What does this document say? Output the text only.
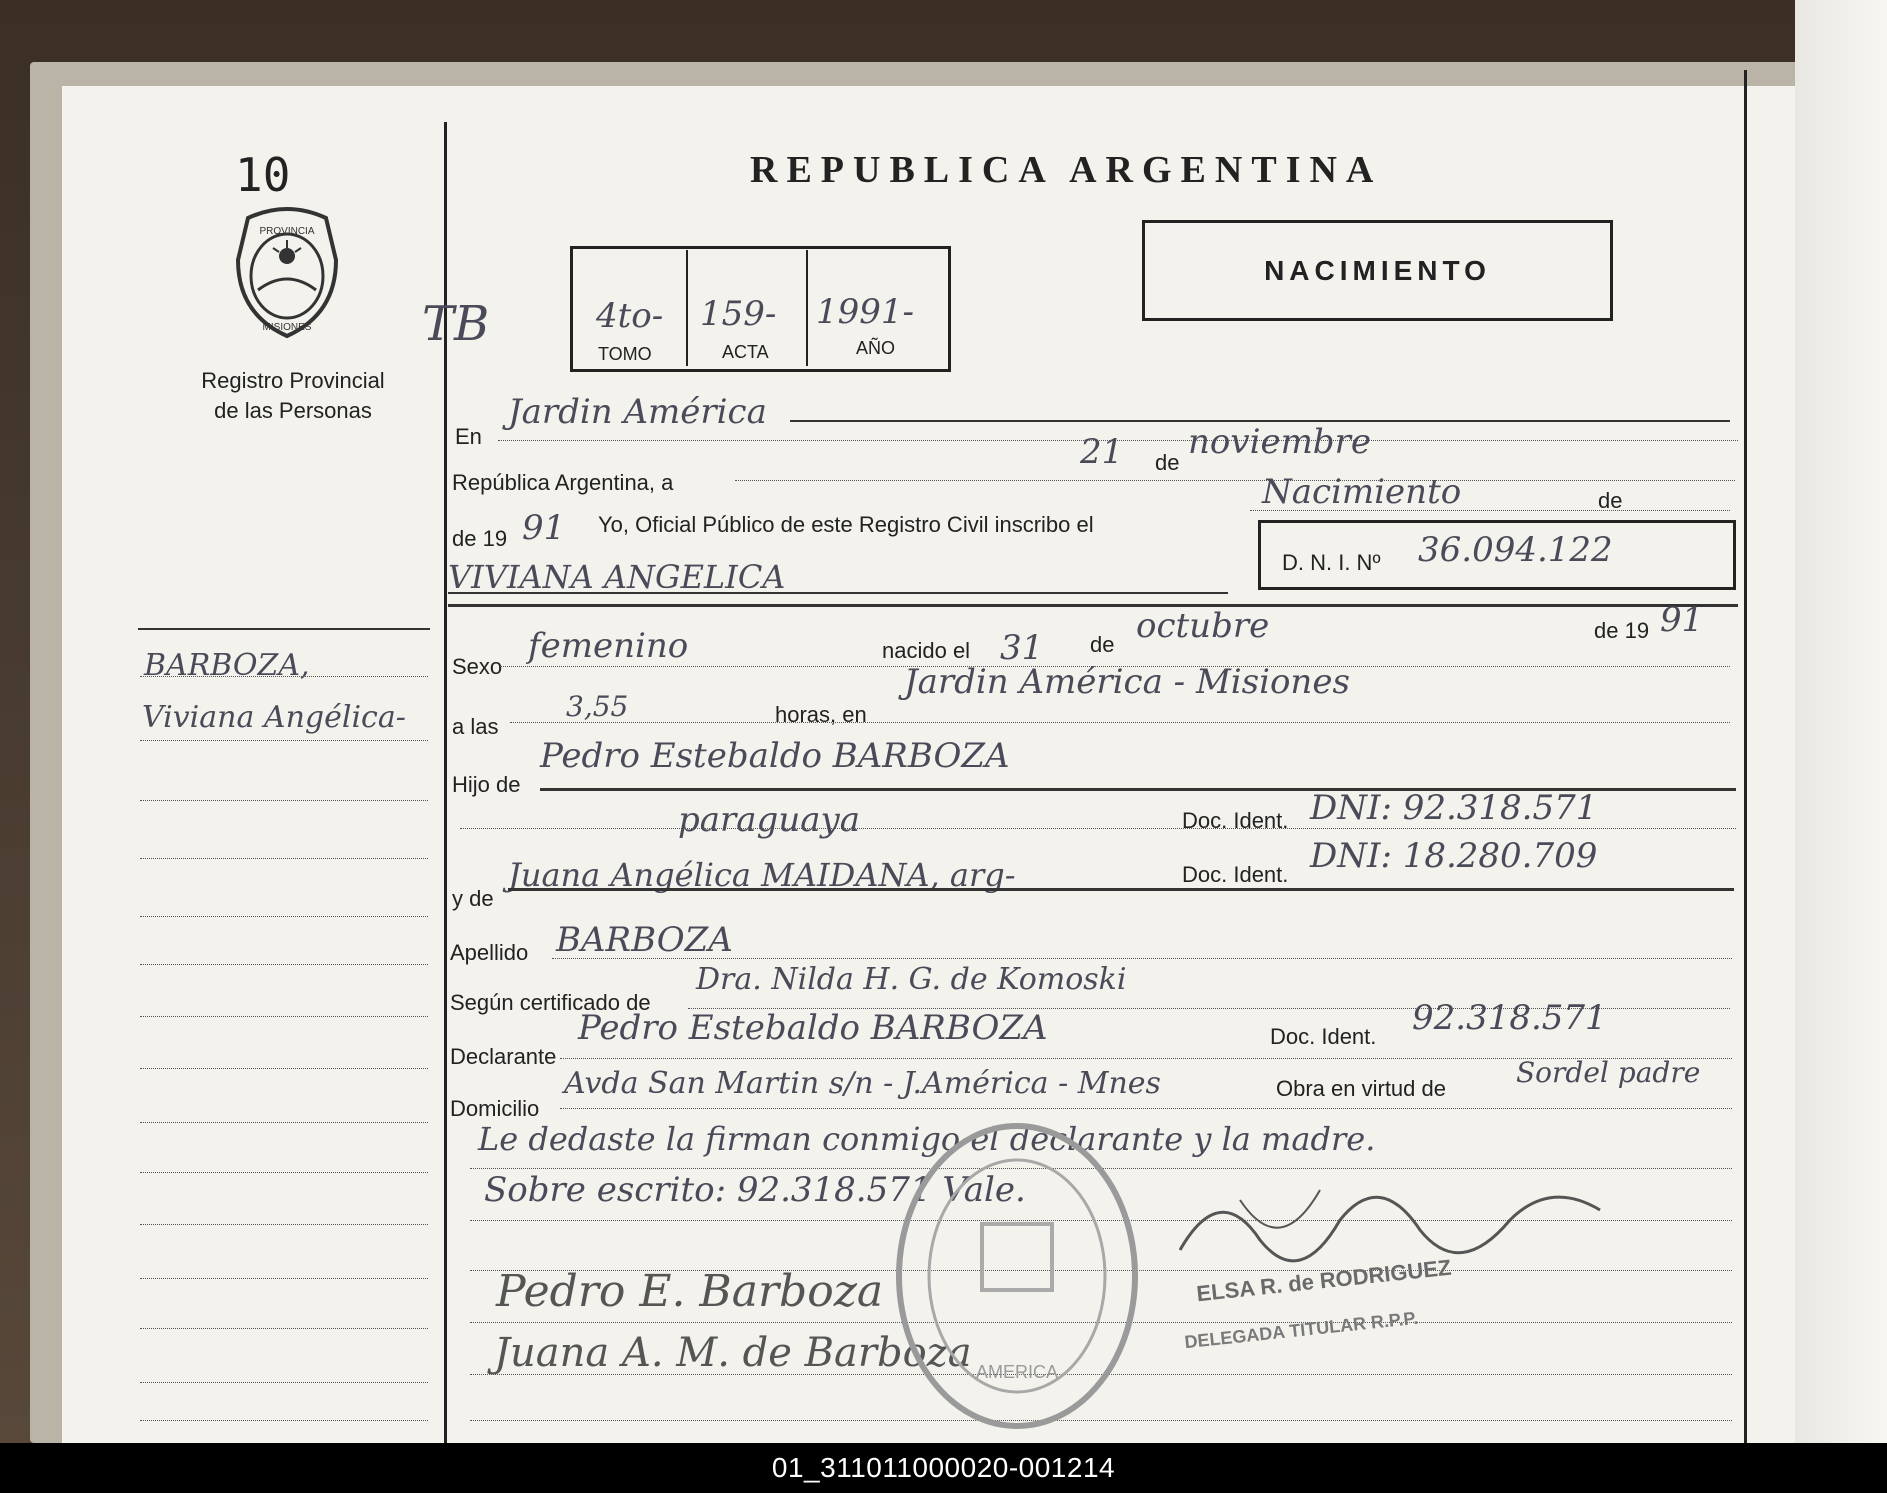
10
PROVINCIA
MISIONES
Registro Provincial
de las Personas
BARBOZA,
Viviana Angélica-
REPUBLICA ARGENTINA
NACIMIENTO
TB	4to-
TOMO
159-
ACTA
1991-
AÑO
En
Jardin América
República Argentina, a
21 de
noviembre
de 19 91 Yo, Oficial Público de este Registro Civil inscribo el
Nacimiento	de
VIVIANA ANGELICA	D. N. I. Nº 36.094.122
Sexo
femenino	nacido el 31 de octubre	de 19 91
a las
3,55	horas, en
Jardin América - Misiones
Hijo de
Pedro Estebaldo BARBOZA
paraguaya	Doc. Ident. DNI: 92.318.571
y de
Juana Angélica MAIDANA, arg-	Doc. Ident. DNI: 18.280.709
Apellido BARBOZA
Según certificado de
Dra. Nilda H. G. de Komoski
Declarante
Pedro Estebaldo BARBOZA	Doc. Ident. 92.318.571
Domicilio
Avda San Martin s/n - J.América - Mnes	Obra en virtud de	Sordel padre
Le dedaste la firman conmigo el declarante y la madre.
Sobre escrito: 92.318.571 Vale.
Pedro E. Barboza
Juana A. M. de Barboza AMERICA
ELSA R. de RODRIGUEZ
DELEGADA TITULAR R.P.P.
01_311011000020-001214
